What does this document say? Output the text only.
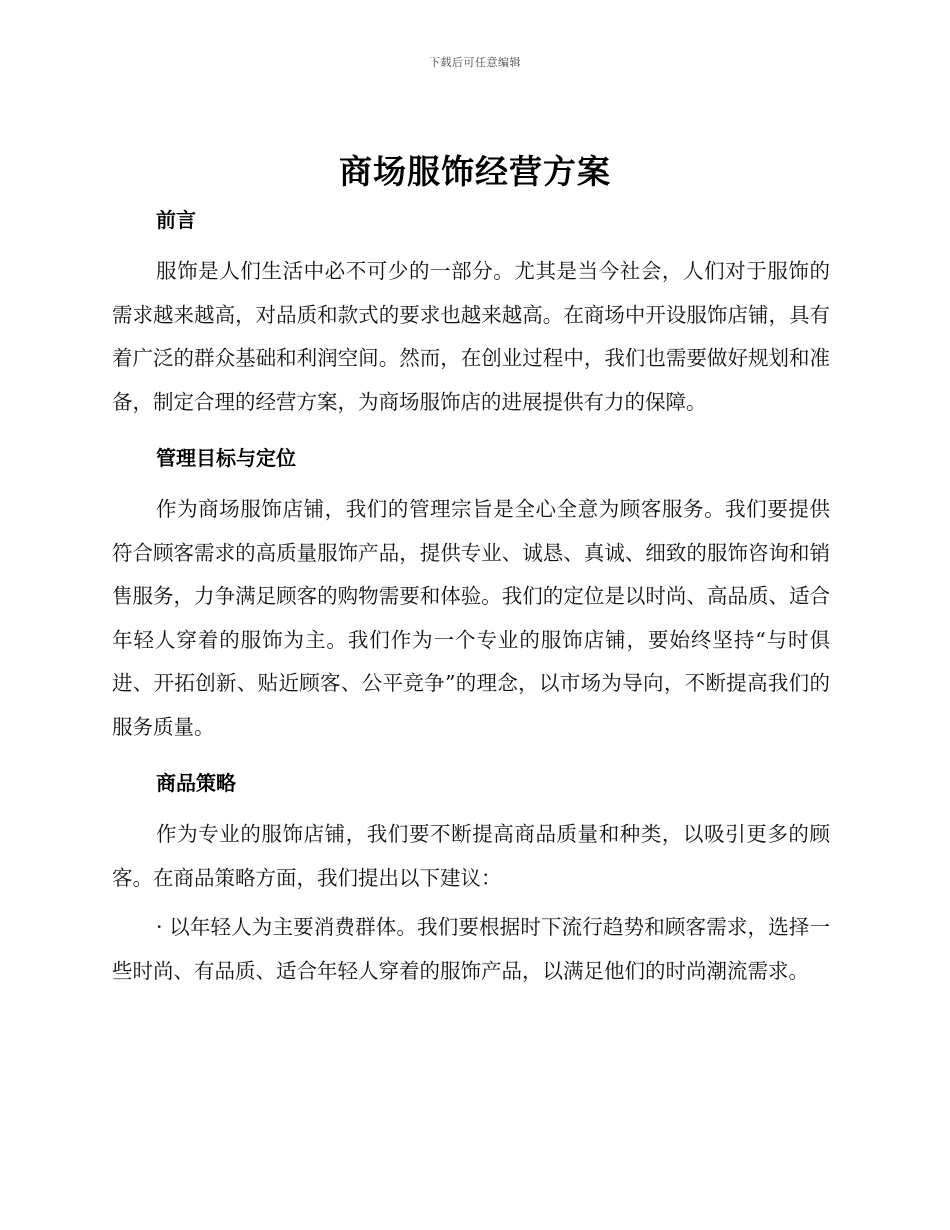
下载后可任意编辑
商场服饰经营方案
前言

服饰是人们生活中必不可少的一部分。尤其是当今社会，人们对于服饰的需求越来越高，对品质和款式的要求也越来越高。在商场中开设服饰店铺，具有着广泛的群众基础和利润空间。然而，在创业过程中，我们也需要做好规划和准备，制定合理的经营方案，为商场服饰店的进展提供有力的保障。

管理目标与定位

作为商场服饰店铺，我们的管理宗旨是全心全意为顾客服务。我们要提供符合顾客需求的高质量服饰产品，提供专业、诚恳、真诚、细致的服饰咨询和销售服务，力争满足顾客的购物需要和体验。我们的定位是以时尚、高品质、适合年轻人穿着的服饰为主。我们作为一个专业的服饰店铺，要始终坚持“与时俱进、开拓创新、贴近顾客、公平竞争”的理念，以市场为导向，不断提高我们的服务质量。

商品策略

作为专业的服饰店铺，我们要不断提高商品质量和种类，以吸引更多的顾客。在商品策略方面，我们提出以下建议：

· 以年轻人为主要消费群体。我们要根据时下流行趋势和顾客需求，选择一些时尚、有品质、适合年轻人穿着的服饰产品，以满足他们的时尚潮流需求。
